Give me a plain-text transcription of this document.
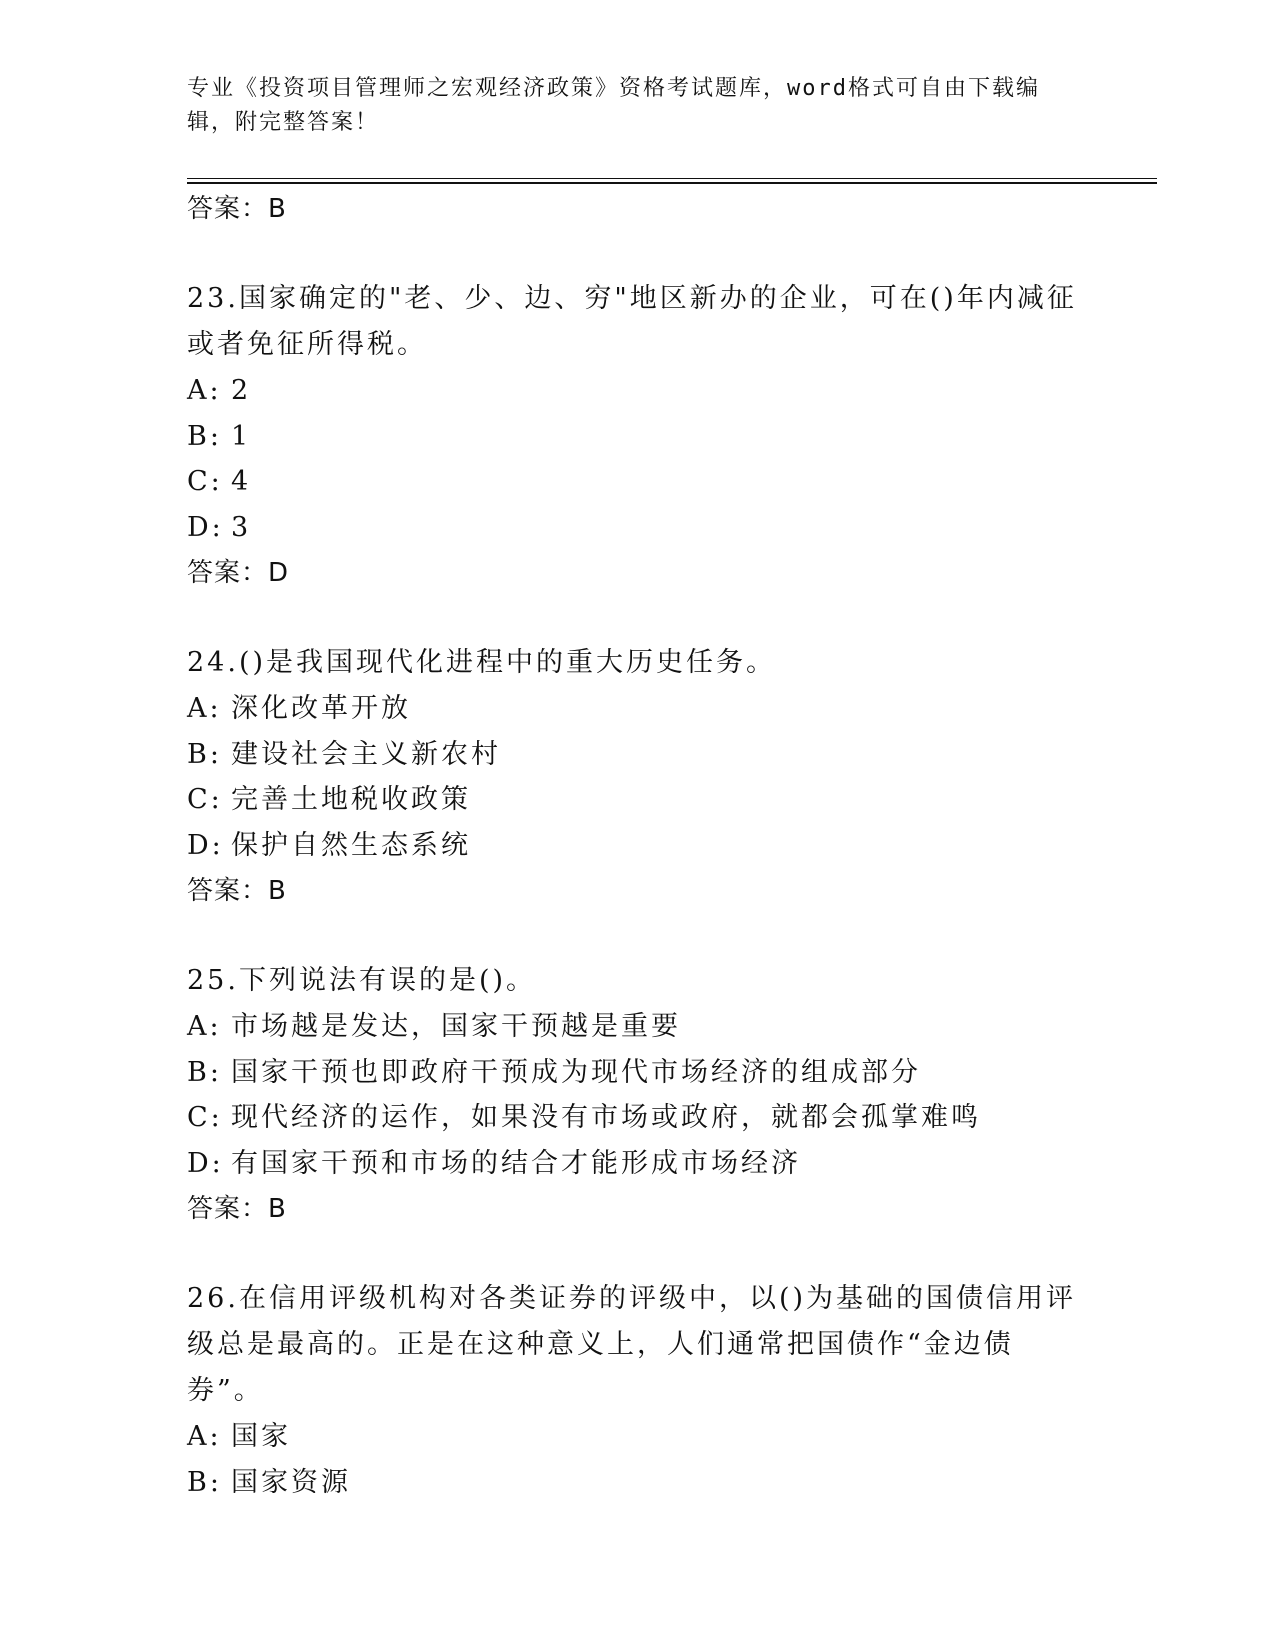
专业《投资项目管理师之宏观经济政策》资格考试题库，word格式可自由下载编辑，附完整答案！

答案：B

23.国家确定的"老、少、边、穷"地区新办的企业，可在()年内减征或者免征所得税。

A: 2

B: 1

C: 4

D: 3

答案：D

24.()是我国现代化进程中的重大历史任务。

A: 深化改革开放

B: 建设社会主义新农村

C: 完善土地税收政策

D: 保护自然生态系统

答案：B

25.下列说法有误的是()。

A: 市场越是发达，国家干预越是重要

B: 国家干预也即政府干预成为现代市场经济的组成部分

C: 现代经济的运作，如果没有市场或政府，就都会孤掌难鸣

D: 有国家干预和市场的结合才能形成市场经济

答案：B

26.在信用评级机构对各类证券的评级中，以()为基础的国债信用评级总是最高的。正是在这种意义上，人们通常把国债作“金边债券”。

A: 国家

B: 国家资源
